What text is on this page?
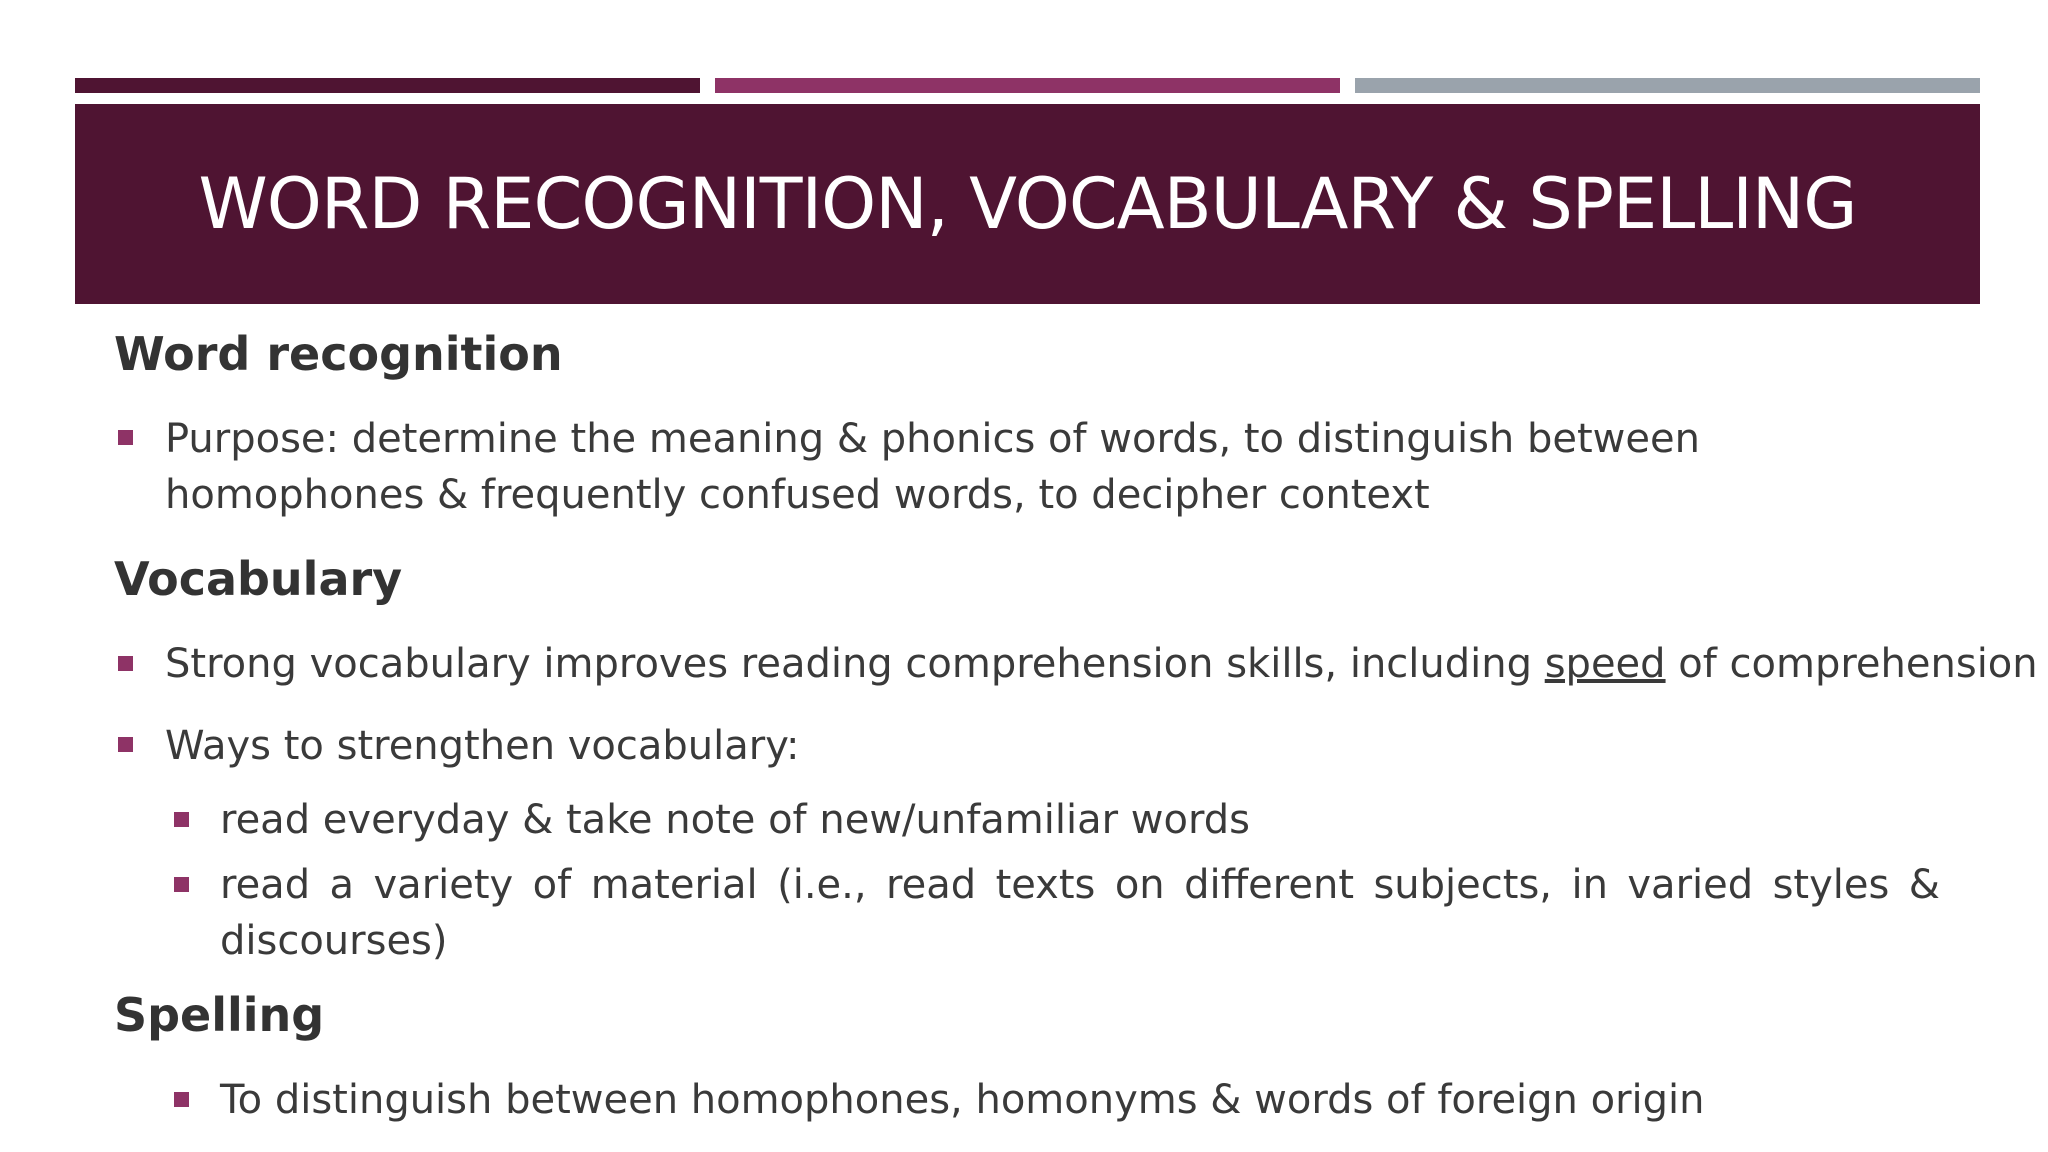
WORD RECOGNITION, VOCABULARY & SPELLING
Word recognition
Purpose: determine the meaning & phonics of words, to distinguish between homophones & frequently confused words, to decipher context
Vocabulary
Strong vocabulary improves reading comprehension skills, including speed of comprehension
Ways to strengthen vocabulary:
read everyday & take note of new/unfamiliar words
read a variety of material (i.e., read texts on different subjects, in varied styles & discourses)
Spelling
To distinguish between homophones, homonyms & words of foreign origin
